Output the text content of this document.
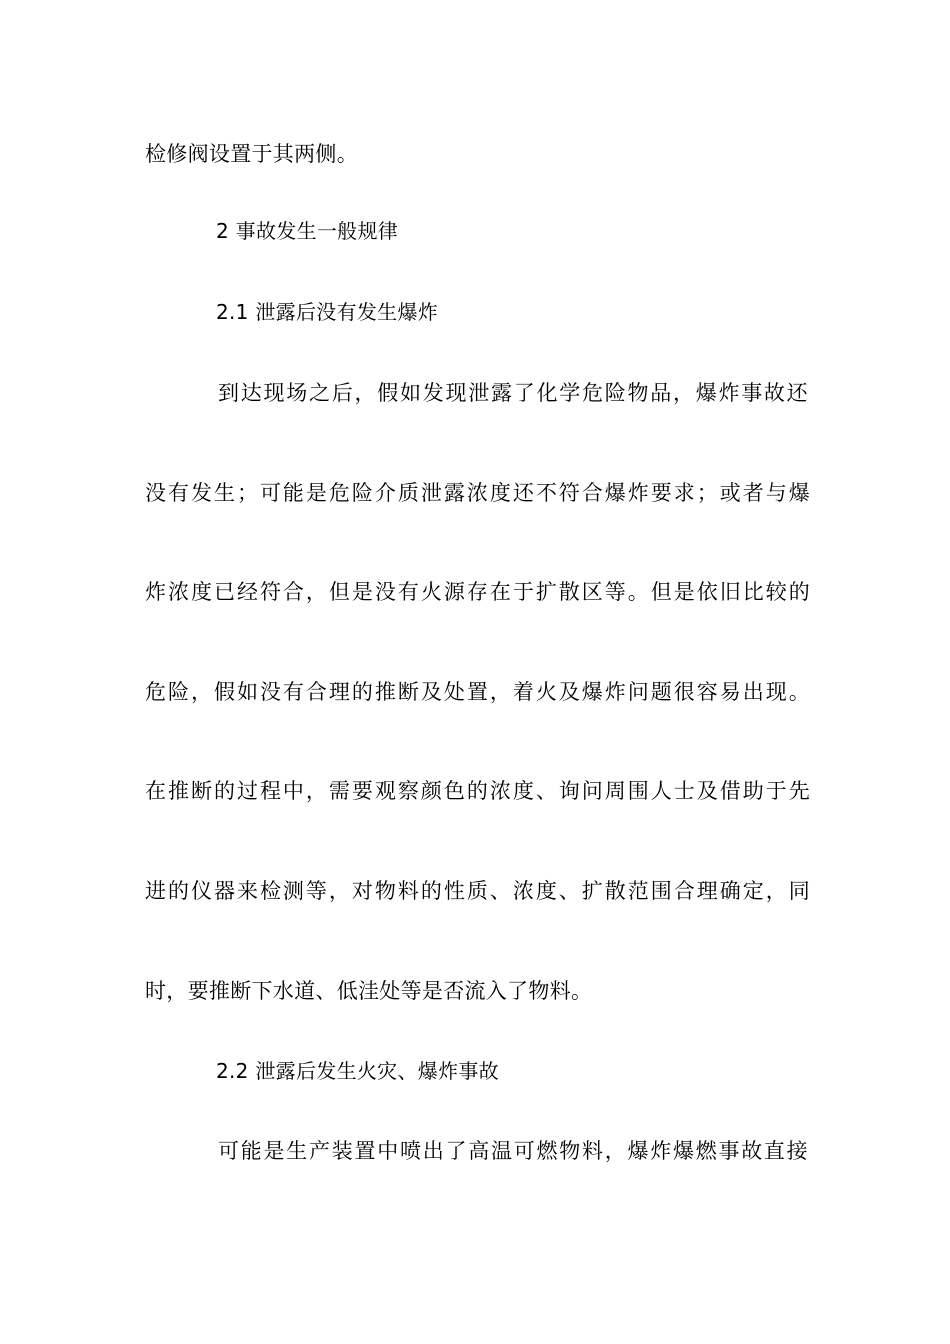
检修阀设置于其两侧。
2 事故发生一般规律
2.1 泄露后没有发生爆炸
到达现场之后，假如发现泄露了化学危险物品，爆炸事故还
没有发生；可能是危险介质泄露浓度还不符合爆炸要求；或者与爆
炸浓度已经符合，但是没有火源存在于扩散区等。但是依旧比较的
危险，假如没有合理的推断及处置，着火及爆炸问题很容易出现。
在推断的过程中，需要观察颜色的浓度、询问周围人士及借助于先
进的仪器来检测等，对物料的性质、浓度、扩散范围合理确定，同
时，要推断下水道、低洼处等是否流入了物料。
2.2 泄露后发生火灾、爆炸事故
可能是生产装置中喷出了高温可燃物料，爆炸爆燃事故直接
